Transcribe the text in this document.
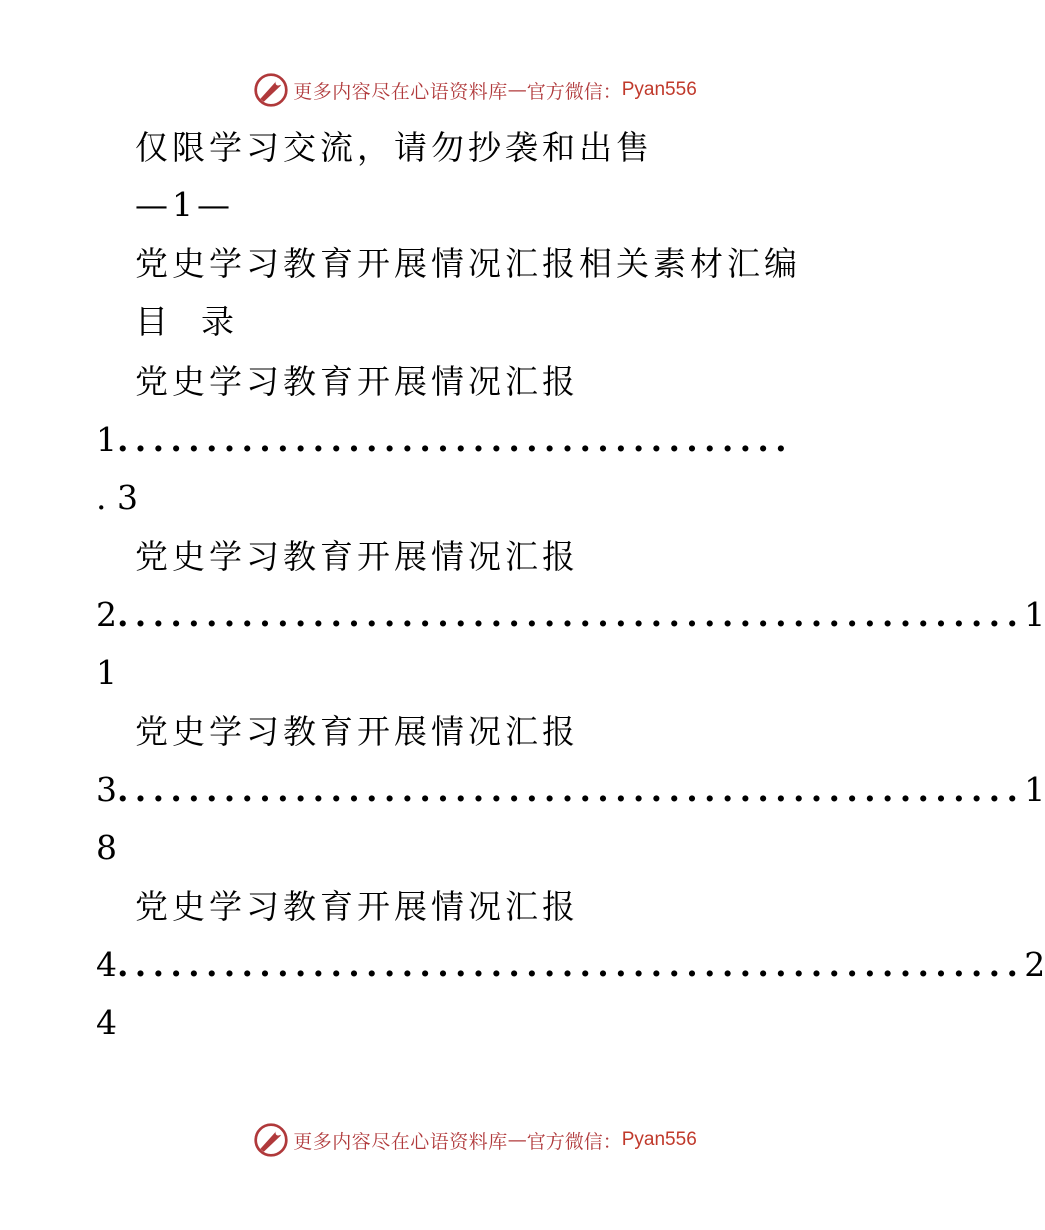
更多内容尽在心语资料库 — 官方微信： Pyan556
仅限学习交流，请勿抄袭和出售
—1—
党史学习教育开展情况汇报相关素材汇编
目  录
党史学习教育开展情况汇报
1 ......................................
. 3
党史学习教育开展情况汇报
2 ................................................... 1
1
党史学习教育开展情况汇报
3 ................................................... 1
8
党史学习教育开展情况汇报
4 ................................................... 2
4
更多内容尽在心语资料库 — 官方微信： Pyan556
